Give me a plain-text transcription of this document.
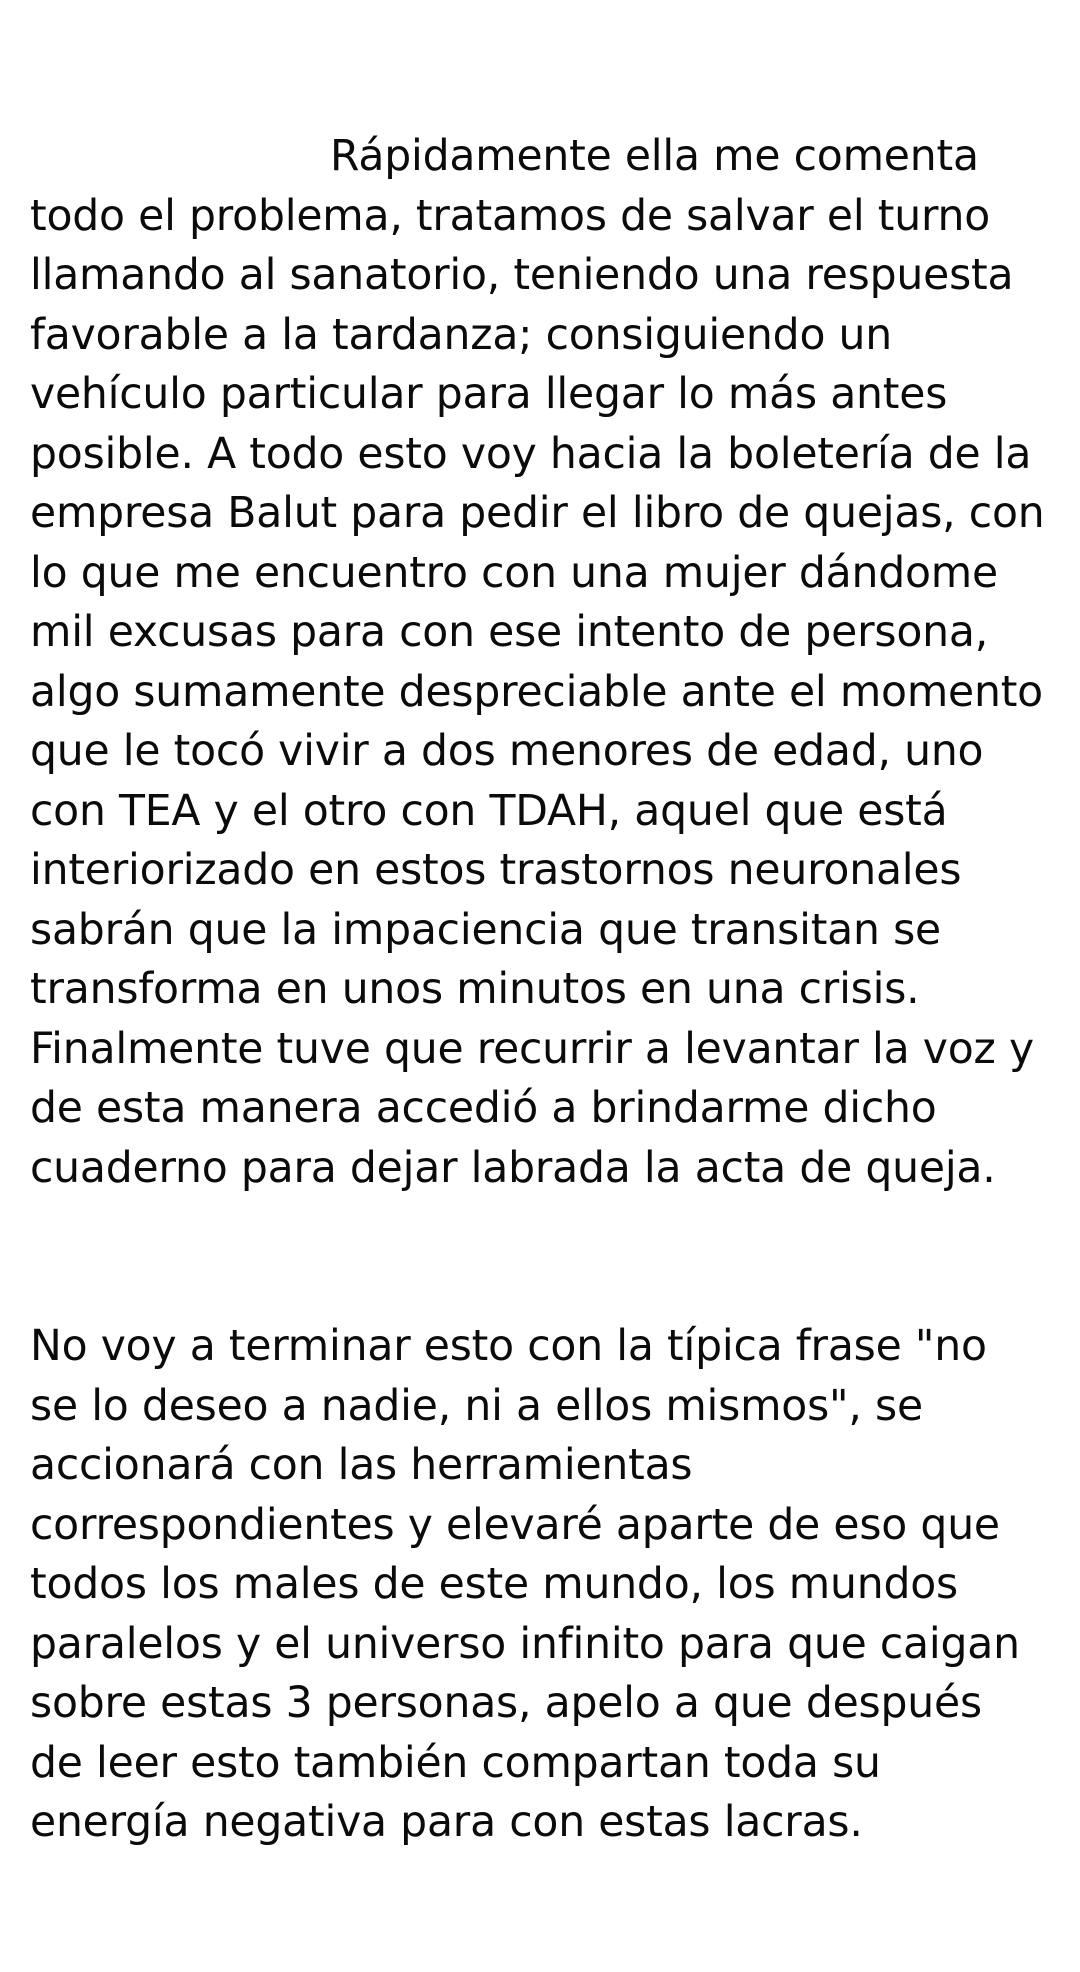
Rápidamente ella me comenta todo el problema, tratamos de salvar el turno llamando al sanatorio, teniendo una respuesta favorable a la tardanza; consiguiendo un vehículo particular para llegar lo más antes posible. A todo esto voy hacia la boletería de la empresa Balut para pedir el libro de quejas, con lo que me encuentro con una mujer dándome mil excusas para con ese intento de persona, algo sumamente despreciable ante el momento que le tocó vivir a dos menores de edad, uno con TEA y el otro con TDAH, aquel que está interiorizado en estos trastornos neuronales sabrán que la impaciencia que transitan se transforma en unos minutos en una crisis. Finalmente tuve que recurrir a levantar la voz y de esta manera accedió a brindarme dicho cuaderno para dejar labrada la acta de queja.

No voy a terminar esto con la típica frase "no se lo deseo a nadie, ni a ellos mismos", se accionará con las herramientas correspondientes y elevaré aparte de eso que todos los males de este mundo, los mundos paralelos y el universo infinito para que caigan sobre estas 3 personas, apelo a que después de leer esto también compartan toda su energía negativa para con estas lacras.
